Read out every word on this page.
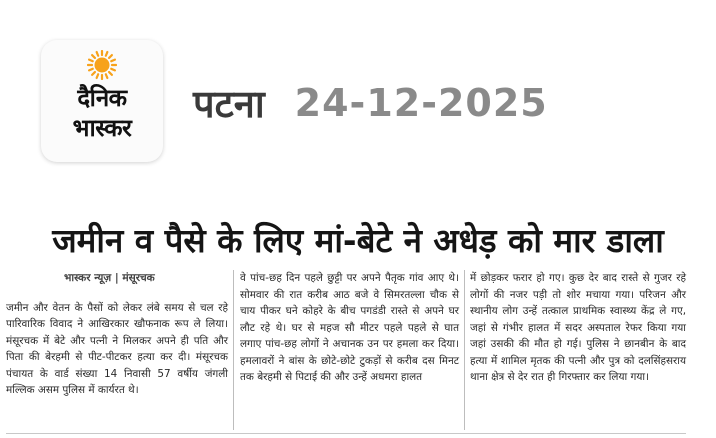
दैनिक
भास्कर
पटना 24-12-2025
जमीन व पैसे के लिए मां-बेटे ने अधेड़ को मार डाला
भास्कर न्यूज़ | मंसूरचक

जमीन और वेतन के पैसों को लेकर लंबे समय से चल रहे पारिवारिक विवाद ने आखिरकार खौफनाक रूप ले लिया। मंसूरचक में बेटे और पत्नी ने मिलकर अपने ही पति और पिता की बेरहमी से पीट-पीटकर हत्या कर दी। मंसूरचक पंचायत के वार्ड संख्या 14 निवासी 57 वर्षीय जंगली मल्लिक असम पुलिस में कार्यरत थे।

वे पांच-छह दिन पहले छुट्टी पर अपने पैतृक गांव आए थे। सोमवार की रात करीब आठ बजे वे सिमरतल्ला चौक से चाय पीकर घने कोहरे के बीच पगडंडी रास्ते से अपने घर लौट रहे थे। घर से महज सौ मीटर पहले पहले से घात लगाए पांच-छह लोगों ने अचानक उन पर हमला कर दिया। हमलावरों ने बांस के छोटे-छोटे टुकड़ों से करीब दस मिनट तक बेरहमी से पिटाई की और उन्हें अधमरा हालत

में छोड़कर फरार हो गए। कुछ देर बाद रास्ते से गुजर रहे लोगों की नजर पड़ी तो शोर मचाया गया। परिजन और स्थानीय लोग उन्हें तत्काल प्राथमिक स्वास्थ्य केंद्र ले गए, जहां से गंभीर हालत में सदर अस्पताल रेफर किया गया जहां उसकी की मौत हो गई। पुलिस ने छानबीन के बाद हत्या में शामिल मृतक की पत्नी और पुत्र को दलसिंहसराय थाना क्षेत्र से देर रात ही गिरफ्तार कर लिया गया।
